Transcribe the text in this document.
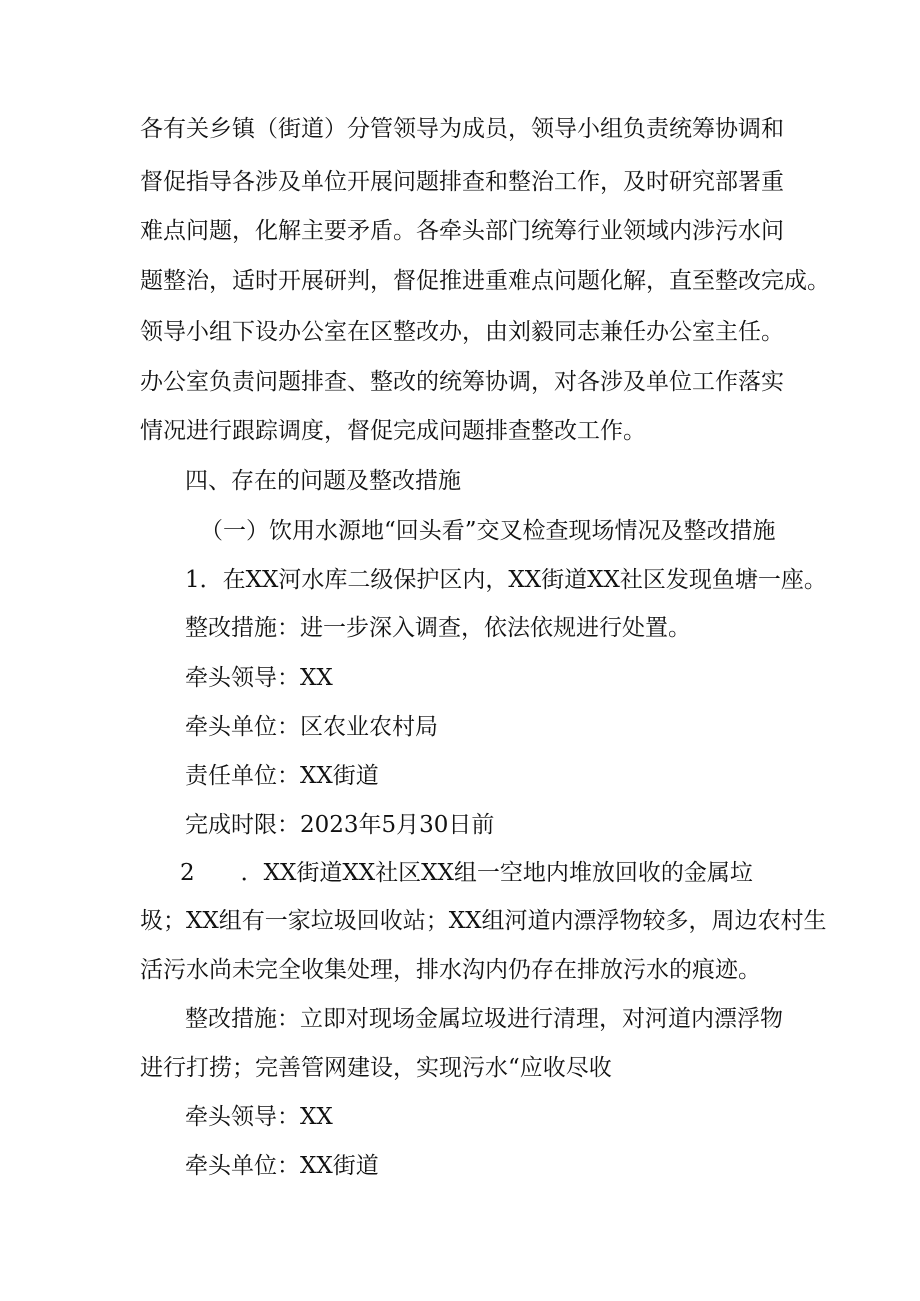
各有关乡镇（街道）分管领导为成员，领导小组负责统筹协调和
督促指导各涉及单位开展问题排查和整治工作，及时研究部署重
难点问题，化解主要矛盾。各牵头部门统筹行业领域内涉污水问
题整治，适时开展研判，督促推进重难点问题化解，直至整改完成。
领导小组下设办公室在区整改办，由刘毅同志兼任办公室主任。
办公室负责问题排查、整改的统筹协调，对各涉及单位工作落实
情况进行跟踪调度，督促完成问题排查整改工作。
四、存在的问题及整改措施
（一）饮用水源地“回头看”交叉检查现场情况及整改措施
1．在XX河水库二级保护区内，XX街道XX社区发现鱼塘一座。
整改措施：进一步深入调查，依法依规进行处置。
牵头领导：XX
牵头单位：区农业农村局
责任单位：XX街道
完成时限：2023年5月30日前
2　　．XX街道XX社区XX组一空地内堆放回收的金属垃
圾；XX组有一家垃圾回收站；XX组河道内漂浮物较多，周边农村生
活污水尚未完全收集处理，排水沟内仍存在排放污水的痕迹。
整改措施：立即对现场金属垃圾进行清理，对河道内漂浮物
进行打捞；完善管网建设，实现污水“应收尽收
牵头领导：XX
牵头单位：XX街道
